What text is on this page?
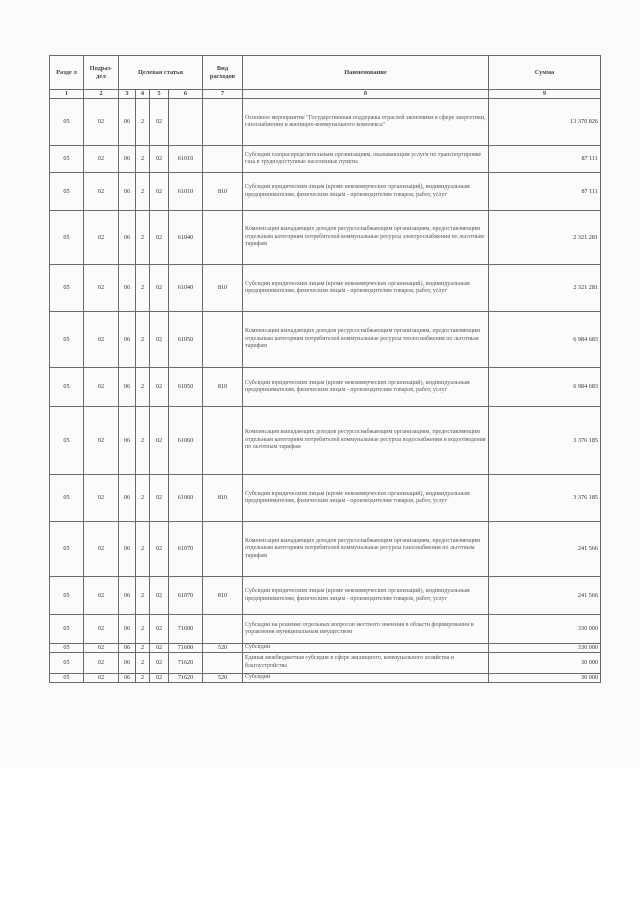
Разде л	Подраз- дел	Целевая статья				Вид расходов	Наименование	Сумма
1	2	3	4	5	6	7	8	9
05	02	06	2	02			Основное мероприятие "Государственная поддержка отраслей экономики в сфере энергетики, газоснабжения и жилищно-коммунального комплекса"	13 370 826
05	02	06	2	02	61010		Субсидии газораспределительным организациям, оказывающим услуги по транспортировке газа в труднодоступные населенные пункты	87 111
05	02	06	2	02	61010	810	Субсидии юридическим лицам (кроме некоммерческих организаций), индивидуальным предпринимателям, физическим лицам - производителям товаров, работ, услуг	87 111
05	02	06	2	02	61040		Компенсация выпадающих доходов ресурсоснабжающим организациям, предоставляющим отдельным категориям потребителей коммунальные ресурсы электроснабжения по льготным тарифам	2 321 281
05	02	06	2	02	61040	810	Субсидии юридическим лицам (кроме некоммерческих организаций), индивидуальным предпринимателям, физическим лицам - производителям товаров, работ, услуг	2 321 281
05	02	06	2	02	61050		Компенсация выпадающих доходов ресурсоснабжающим организациям, предоставляющим отдельным категориям потребителей коммунальные ресурсы теплоснабжения по льготным тарифам	6 984 683
05	02	06	2	02	61050	810	Субсидии юридическим лицам (кроме некоммерческих организаций), индивидуальным предпринимателям, физическим лицам - производителям товаров, работ, услуг	6 984 683
05	02	06	2	02	61060		Компенсация выпадающих доходов ресурсоснабжающим организациям, предоставляющим отдельным категориям потребителей коммунальные ресурсы водоснабжения и водоотведения по льготным тарифам	3 376 185
05	02	06	2	02	61060	810	Субсидии юридическим лицам (кроме некоммерческих организаций), индивидуальным предпринимателям, физическим лицам - производителям товаров, работ, услуг	3 376 185
05	02	06	2	02	61070		Компенсация выпадающих доходов ресурсоснабжающим организациям, предоставляющим отдельным категориям потребителей коммунальные ресурсы газоснабжения по льготным тарифам	241 566
05	02	06	2	02	61070	810	Субсидии юридическим лицам (кроме некоммерческих организаций), индивидуальным предпринимателям, физическим лицам - производителям товаров, работ, услуг	241 566
05	02	06	2	02	71600		Субсидии на решение отдельных вопросов местного значения в области формирования и управления муниципальным имуществом	330 000
05	02	06	2	02	71600	520	Субсидии	330 000
05	02	06	2	02	71620		Единая межбюджетная субсидия в сфере жилищного, коммунального хозяйства и благоустройства	30 000
05	02	06	2	02	71620	520	Субсидии	30 000
